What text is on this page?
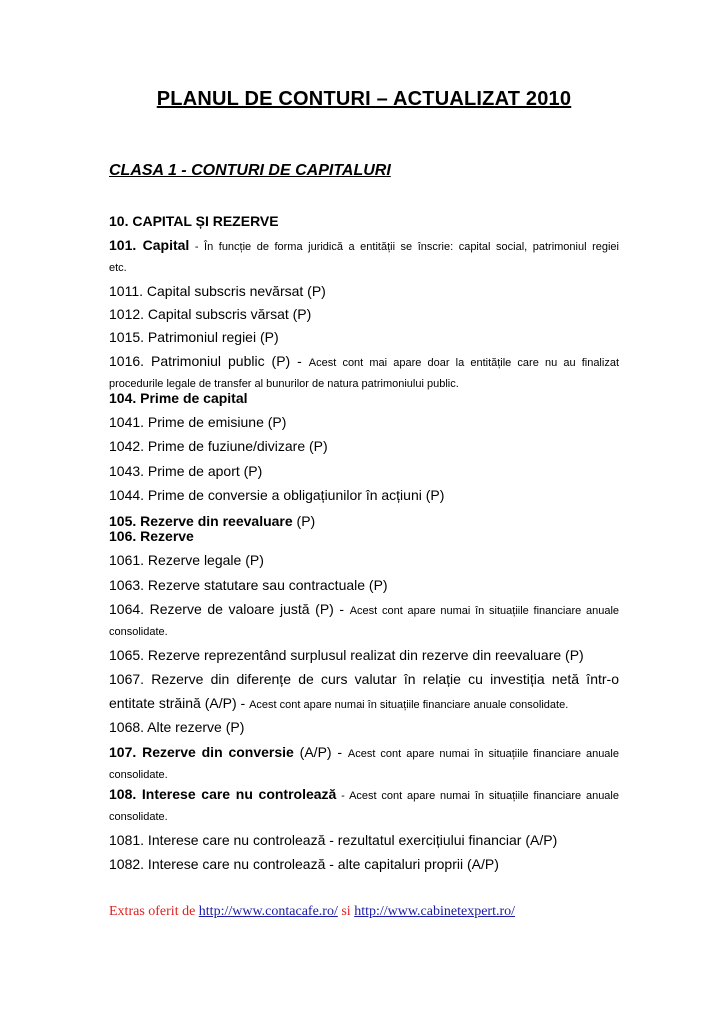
PLANUL DE CONTURI – ACTUALIZAT 2010
CLASA 1 - CONTURI DE CAPITALURI
10. CAPITAL ȘI REZERVE
101. Capital - În funcție de forma juridică a entității se înscrie: capital social, patrimoniul regiei
etc.
1011. Capital subscris nevărsat (P)
1012. Capital subscris vărsat (P)
1015. Patrimoniul regiei (P)
1016. Patrimoniul public (P) - Acest cont mai apare doar la entitățile care nu au finalizat
procedurile legale de transfer al bunurilor de natura patrimoniului public.
104. Prime de capital
1041. Prime de emisiune (P)
1042. Prime de fuziune/divizare (P)
1043. Prime de aport (P)
1044. Prime de conversie a obligațiunilor în acțiuni (P)
105. Rezerve din reevaluare (P)
106. Rezerve
1061. Rezerve legale (P)
1063. Rezerve statutare sau contractuale (P)
1064. Rezerve de valoare justă (P) - Acest cont apare numai în situațiile financiare anuale
consolidate.
1065. Rezerve reprezentând surplusul realizat din rezerve din reevaluare (P)
1067. Rezerve din diferențe de curs valutar în relație cu investiția netă într-o
entitate străină (A/P) - Acest cont apare numai în situațiile financiare anuale consolidate.
1068. Alte rezerve (P)
107. Rezerve din conversie (A/P) - Acest cont apare numai în situațiile financiare anuale
consolidate.
108. Interese care nu controlează - Acest cont apare numai în situațiile financiare anuale
consolidate.
1081. Interese care nu controlează - rezultatul exercițiului financiar (A/P)
1082. Interese care nu controlează - alte capitaluri proprii (A/P)
Extras oferit de http://www.contacafe.ro/ si http://www.cabinetexpert.ro/
